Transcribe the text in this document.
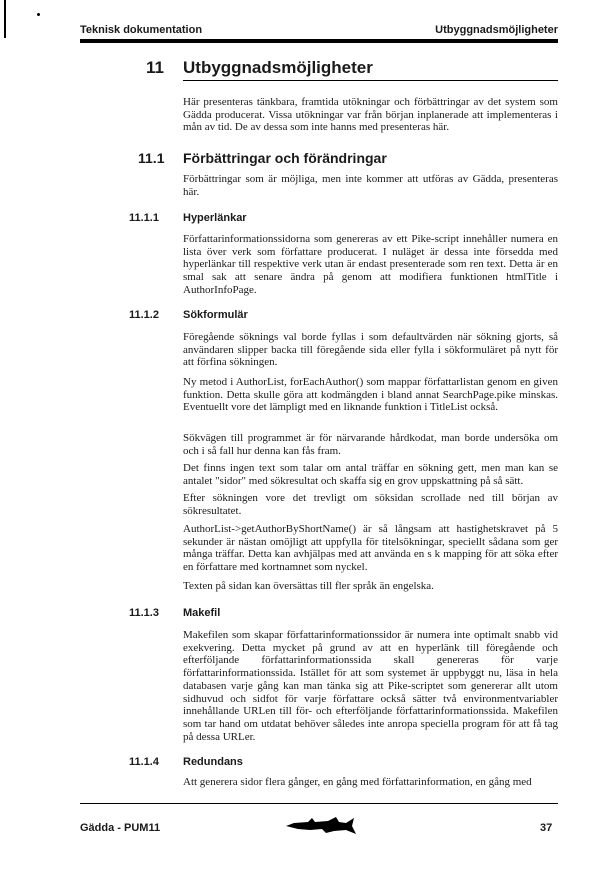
Teknisk dokumentation	Utbyggnadsmöjligheter
11 Utbyggnadsmöjligheter
Här presenteras tänkbara, framtida utökningar och förbättringar av det system som Gädda producerat. Vissa utökningar var från början inplanerade att implementeras i mån av tid. De av dessa som inte hanns med presenteras här.
11.1 Förbättringar och förändringar
Förbättringar som är möjliga, men inte kommer att utföras av Gädda, presenteras här.
11.1.1 Hyperlänkar
Författarinformationssidorna som genereras av ett Pike-script innehåller numera en lista över verk som författare producerat. I nuläget är dessa inte försedda med hyperlänkar till respektive verk utan är endast presenterade som ren text. Detta är en smal sak att senare ändra på genom att modifiera funktionen htmlTitle i AuthorInfoPage.
11.1.2 Sökformulär
Föregående söknings val borde fyllas i som defaultvärden när sökning gjorts, så användaren slipper backa till föregående sida eller fylla i sökformuläret på nytt för att förfina sökningen.
Ny metod i AuthorList, forEachAuthor() som mappar författarlistan genom en given funktion. Detta skulle göra att kodmängden i bland annat SearchPage.pike minskas. Eventuellt vore det lämpligt med en liknande funktion i TitleList också.
Sökvägen till programmet är för närvarande hårdkodat, man borde undersöka om och i så fall hur denna kan fås fram.
Det finns ingen text som talar om antal träffar en sökning gett, men man kan se antalet "sidor" med sökresultat och skaffa sig en grov uppskattning på så sätt.
Efter sökningen vore det trevligt om söksidan scrollade ned till början av sökresultatet.
AuthorList->getAuthorByShortName() är så långsam att hastighetskravet på 5 sekunder är nästan omöjligt att uppfylla för titelsökningar, speciellt sådana som ger många träffar. Detta kan avhjälpas med att använda en s k mapping för att söka efter en författare med kortnamnet som nyckel.
Texten på sidan kan översättas till fler språk än engelska.
11.1.3 Makefil
Makefilen som skapar författarinformationssidor är numera inte optimalt snabb vid exekvering. Detta mycket på grund av att en hyperlänk till föregående och efterföljande författarinformationssida skall genereras för varje författarinformationssida. Istället för att som systemet är uppbyggt nu, läsa in hela databasen varje gång kan man tänka sig att Pike-scriptet som genererar allt utom sidhuvud och sidfot för varje författare också sätter två environmentvariabler innehållande URLen till för- och efterföljande författarinformationssida. Makefilen som tar hand om utdatat behöver således inte anropa speciella program för att få tag på dessa URLer.
11.1.4 Redundans
Att generera sidor flera gånger, en gång med författarinformation, en gång med
Gädda - PUM11	37
